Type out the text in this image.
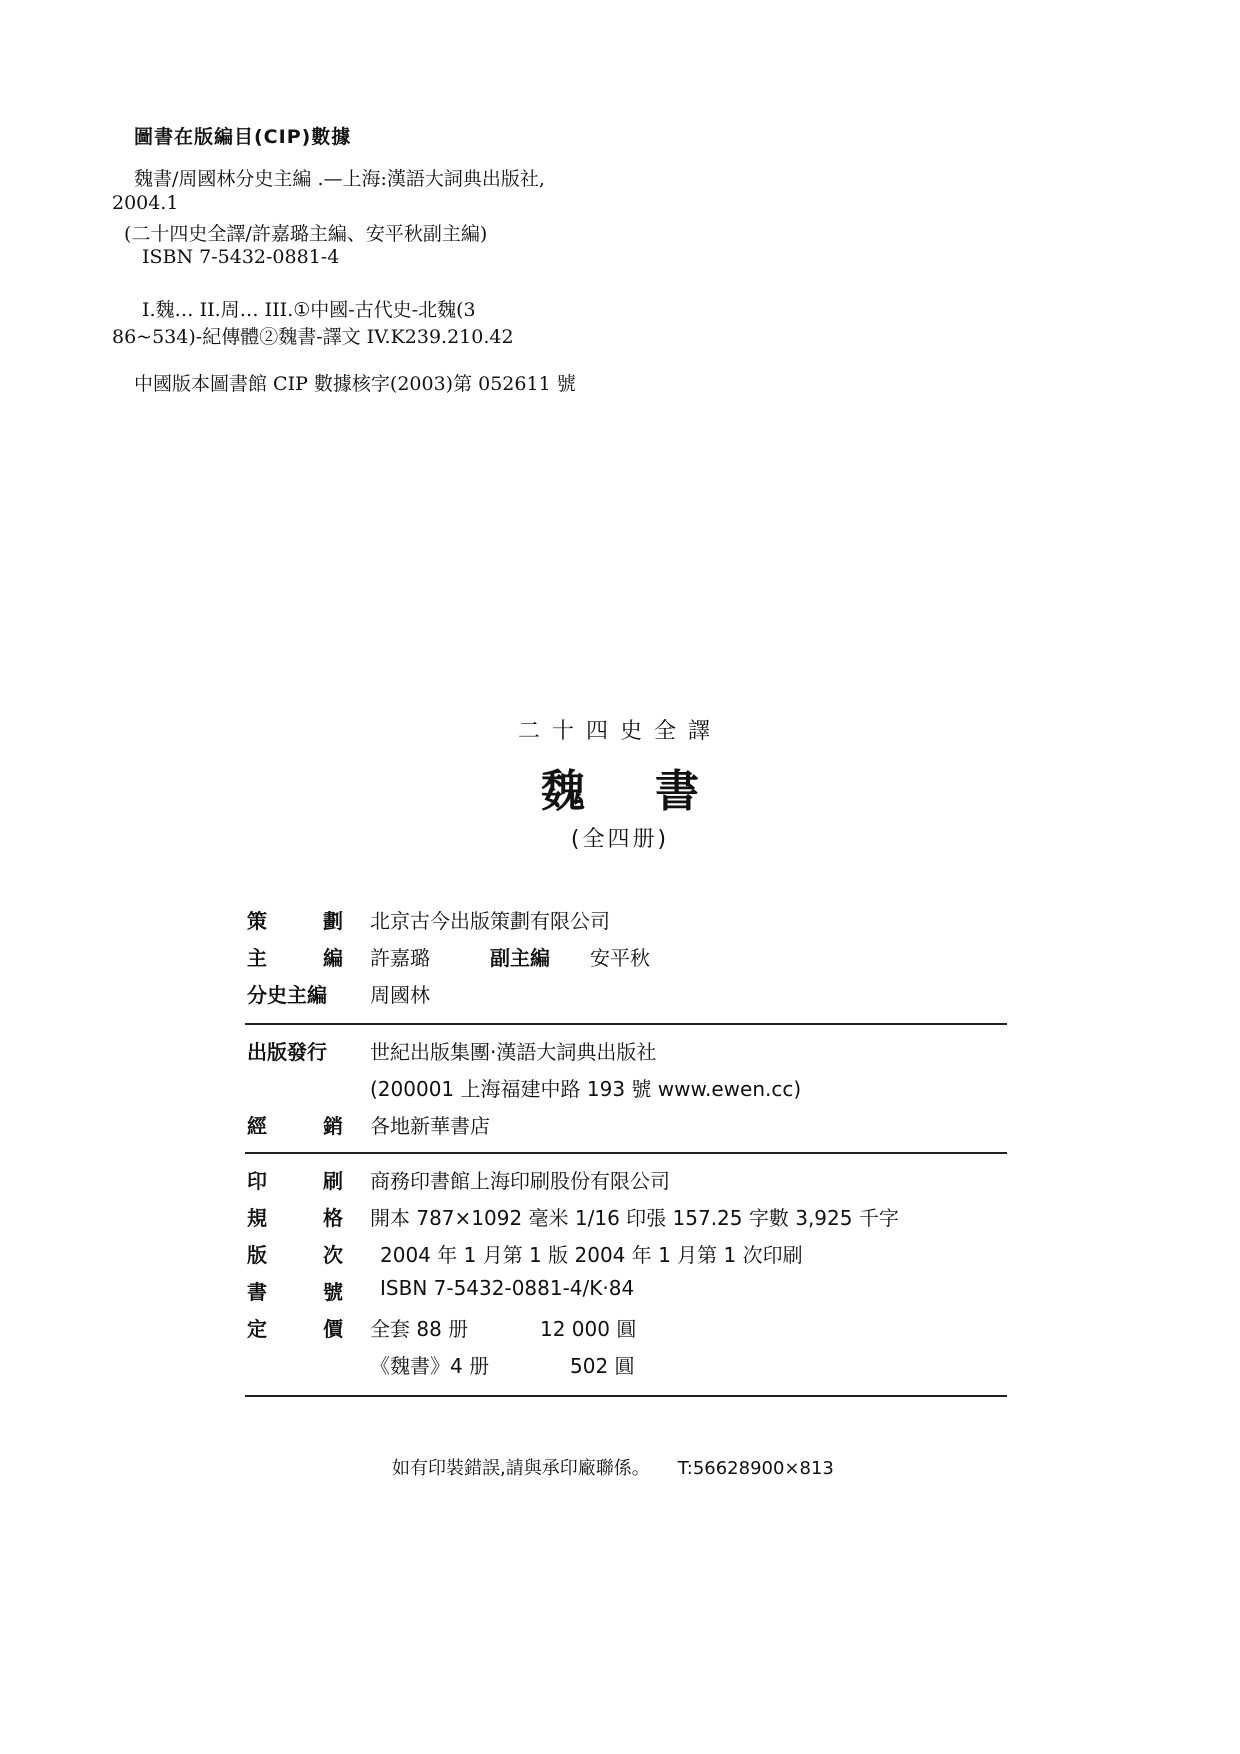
圖書在版編目(CIP)數據
魏書/周國林分史主編 .—上海:漢語大詞典出版社,
2004.1
(二十四史全譯/許嘉璐主編、安平秋副主編)
ISBN 7-5432-0881-4
I.魏… II.周… III.①中國-古代史-北魏(3
86~534)-紀傳體②魏書-譯文 IV.K239.210.42
中國版本圖書館 CIP 數據核字(2003)第 052611 號
二十四史全譯
魏書
(全四册)
策	劃 北京古今出版策劃有限公司
主	編 許嘉璐	副主編 安平秋
分史主編	周國林
出版發行	世紀出版集團·漢語大詞典出版社
(200001 上海福建中路 193 號 www.ewen.cc)
經	銷 各地新華書店
印	刷 商務印書館上海印刷股份有限公司
規	格 開本 787×1092 毫米 1/16 印張 157.25 字數 3,925 千字
版	次 2004 年 1 月第 1 版 2004 年 1 月第 1 次印刷
書	號 ISBN 7-5432-0881-4/K·84
定	價 全套 88 册	12 000 圓
《魏書》4 册	502 圓
如有印裝錯誤,請與承印廠聯係。 T:56628900×813
